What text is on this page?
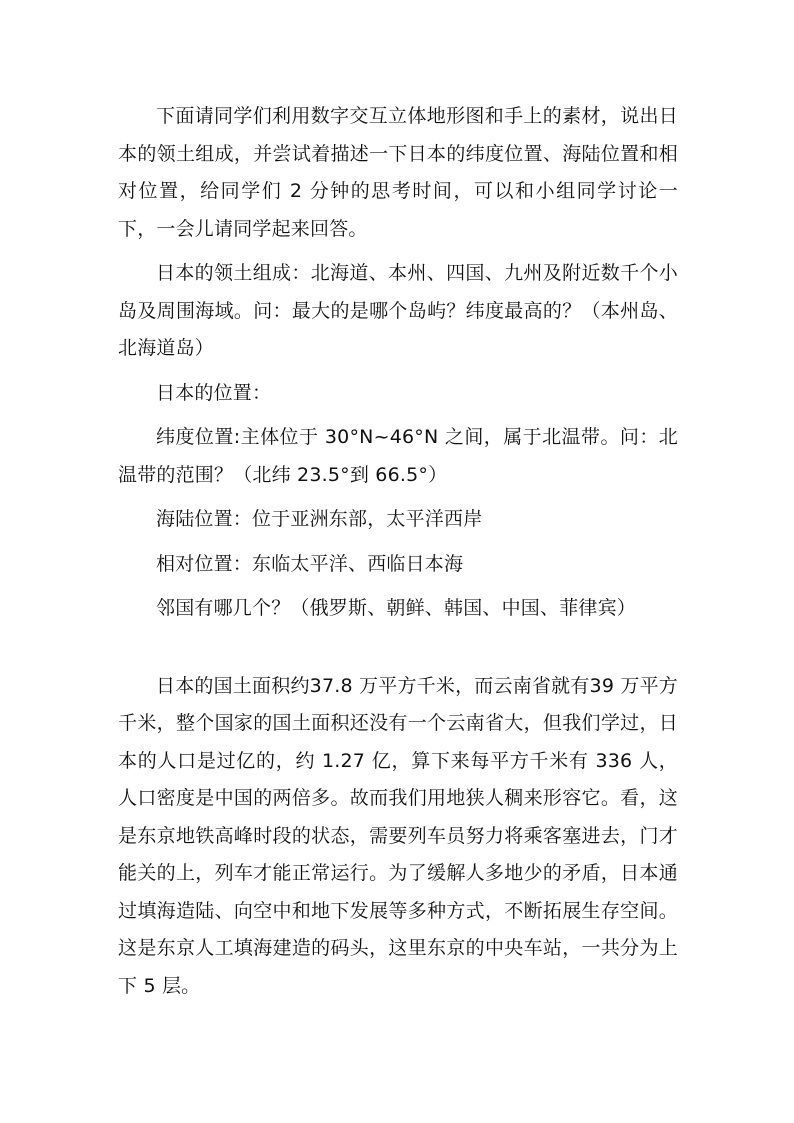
下面请同学们利用数字交互立体地形图和手上的素材，说出日本的领土组成，并尝试着描述一下日本的纬度位置、海陆位置和相对位置，给同学们 2 分钟的思考时间，可以和小组同学讨论一下，一会儿请同学起来回答。

日本的领土组成：北海道、本州、四国、九州及附近数千个小岛及周围海域。问：最大的是哪个岛屿？纬度最高的？（本州岛、北海道岛）

日本的位置：

纬度位置:主体位于 30°N~46°N 之间，属于北温带。问：北温带的范围？（北纬 23.5°到 66.5°）

海陆位置：位于亚洲东部，太平洋西岸

相对位置：东临太平洋、西临日本海

邻国有哪几个？（俄罗斯、朝鲜、韩国、中国、菲律宾）

日本的国土面积约37.8 万平方千米，而云南省就有39 万平方千米，整个国家的国土面积还没有一个云南省大，但我们学过，日本的人口是过亿的，约 1.27 亿，算下来每平方千米有 336 人，人口密度是中国的两倍多。故而我们用地狭人稠来形容它。看，这是东京地铁高峰时段的状态，需要列车员努力将乘客塞进去，门才能关的上，列车才能正常运行。为了缓解人多地少的矛盾，日本通过填海造陆、向空中和地下发展等多种方式，不断拓展生存空间。这是东京人工填海建造的码头，这里东京的中央车站，一共分为上下 5 层。
